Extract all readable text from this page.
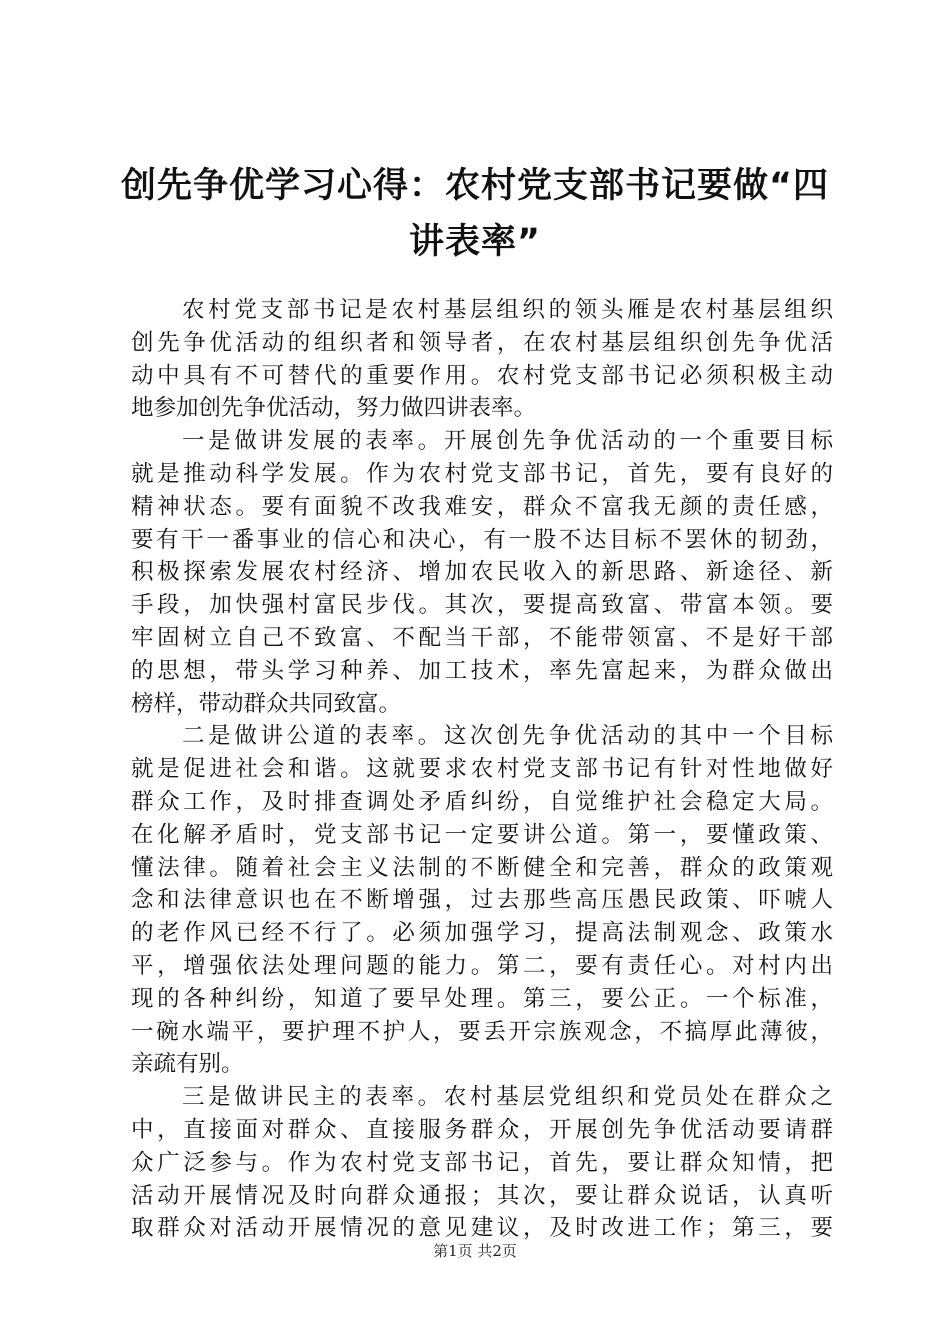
创先争优学习心得：农村党支部书记要做“四
讲表率”
农村党支部书记是农村基层组织的领头雁是农村基层组织
创先争优活动的组织者和领导者，在农村基层组织创先争优活
动中具有不可替代的重要作用。农村党支部书记必须积极主动
地参加创先争优活动，努力做四讲表率。
一是做讲发展的表率。开展创先争优活动的一个重要目标
就是推动科学发展。作为农村党支部书记，首先，要有良好的
精神状态。要有面貌不改我难安，群众不富我无颜的责任感，
要有干一番事业的信心和决心，有一股不达目标不罢休的韧劲，
积极探索发展农村经济、增加农民收入的新思路、新途径、新
手段，加快强村富民步伐。其次，要提高致富、带富本领。要
牢固树立自己不致富、不配当干部，不能带领富、不是好干部
的思想，带头学习种养、加工技术，率先富起来，为群众做出
榜样，带动群众共同致富。
二是做讲公道的表率。这次创先争优活动的其中一个目标
就是促进社会和谐。这就要求农村党支部书记有针对性地做好
群众工作，及时排查调处矛盾纠纷，自觉维护社会稳定大局。
在化解矛盾时，党支部书记一定要讲公道。第一，要懂政策、
懂法律。随着社会主义法制的不断健全和完善，群众的政策观
念和法律意识也在不断增强，过去那些高压愚民政策、吓唬人
的老作风已经不行了。必须加强学习，提高法制观念、政策水
平，增强依法处理问题的能力。第二，要有责任心。对村内出
现的各种纠纷，知道了要早处理。第三，要公正。一个标准，
一碗水端平，要护理不护人，要丢开宗族观念，不搞厚此薄彼，
亲疏有别。
三是做讲民主的表率。农村基层党组织和党员处在群众之
中，直接面对群众、直接服务群众，开展创先争优活动要请群
众广泛参与。作为农村党支部书记，首先，要让群众知情，把
活动开展情况及时向群众通报；其次，要让群众说话，认真听
取群众对活动开展情况的意见建议，及时改进工作；第三，要
第1页 共2页
